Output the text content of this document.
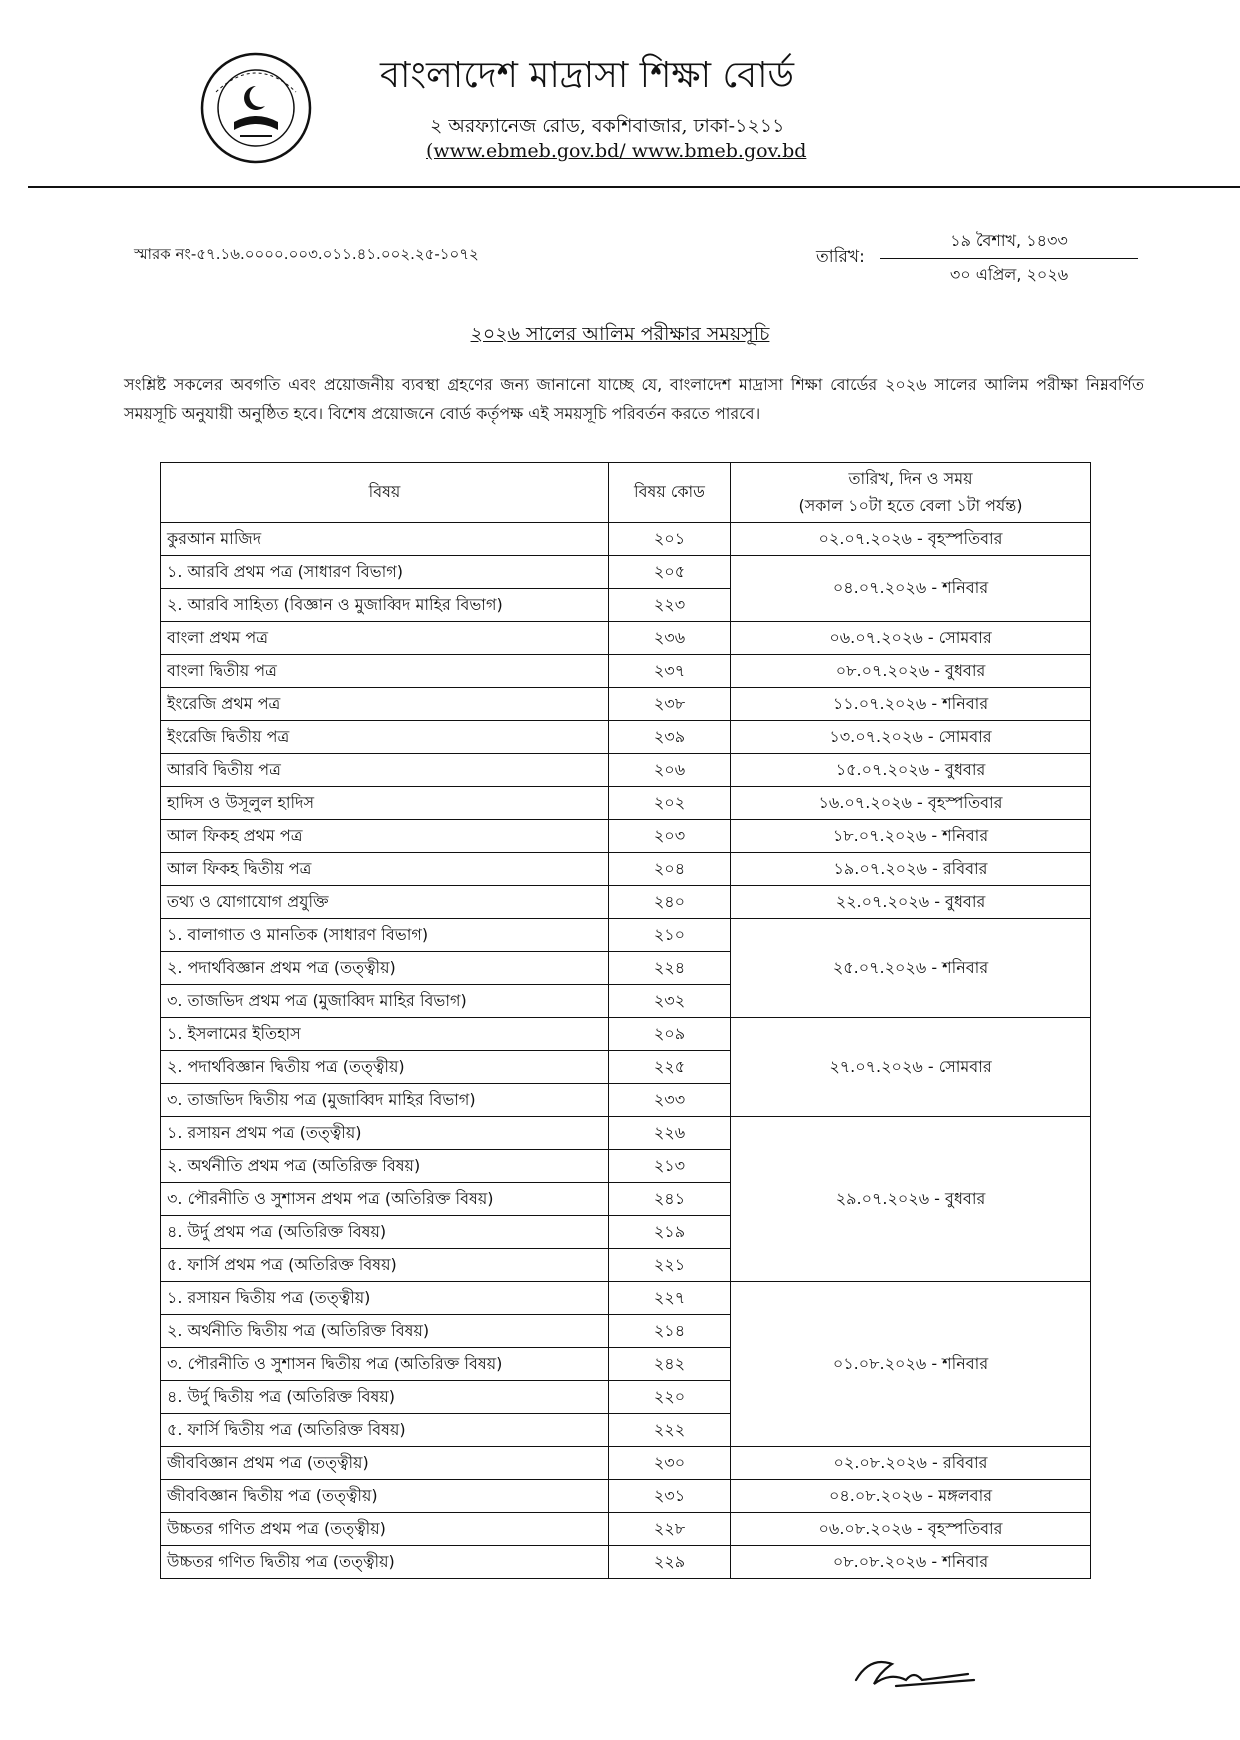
বাংলাদেশ মাদ্রাসা শিক্ষা বোর্ড
২ অরফ্যানেজ রোড, বকশিবাজার, ঢাকা-১২১১
(www.ebmeb.gov.bd/ www.bmeb.gov.bd
স্মারক নং-৫৭.১৬.০০০০.০০৩.০১১.৪১.০০২.২৫-১০৭২	তারিখ:
১৯ বৈশাখ, ১৪৩৩
৩০ এপ্রিল, ২০২৬
২০২৬ সালের আলিম পরীক্ষার সময়সূচি
সংশ্লিষ্ট সকলের অবগতি এবং প্রয়োজনীয় ব্যবস্থা গ্রহণের জন্য জানানো যাচ্ছে যে, বাংলাদেশ মাদ্রাসা শিক্ষা বোর্ডের ২০২৬ সালের আলিম পরীক্ষা নিম্নবর্ণিত সময়সূচি অনুযায়ী অনুষ্ঠিত হবে। বিশেষ প্রয়োজনে বোর্ড কর্তৃপক্ষ এই সময়সূচি পরিবর্তন করতে পারবে।
বিষয়	বিষয় কোড	তারিখ, দিন ও সময়
(সকাল ১০টা হতে বেলা ১টা পর্যন্ত)

কুরআন মাজিদ	২০১	০২.০৭.২০২৬ - বৃহস্পতিবার
১. আরবি প্রথম পত্র (সাধারণ বিভাগ)	২০৫	০৪.০৭.২০২৬ - শনিবার
২. আরবি সাহিত্য (বিজ্ঞান ও মুজাব্বিদ মাহির বিভাগ)	২২৩	
বাংলা প্রথম পত্র	২৩৬	০৬.০৭.২০২৬ - সোমবার
বাংলা দ্বিতীয় পত্র	২৩৭	০৮.০৭.২০২৬ - বুধবার
ইংরেজি প্রথম পত্র	২৩৮	১১.০৭.২০২৬ - শনিবার
ইংরেজি দ্বিতীয় পত্র	২৩৯	১৩.০৭.২০২৬ - সোমবার
আরবি দ্বিতীয় পত্র	২০৬	১৫.০৭.২০২৬ - বুধবার
হাদিস ও উসূলুল হাদিস	২০২	১৬.০৭.২০২৬ - বৃহস্পতিবার
আল ফিকহ প্রথম পত্র	২০৩	১৮.০৭.২০২৬ - শনিবার
আল ফিকহ দ্বিতীয় পত্র	২০৪	১৯.০৭.২০২৬ - রবিবার
তথ্য ও যোগাযোগ প্রযুক্তি	২৪০	২২.০৭.২০২৬ - বুধবার
১. বালাগাত ও মানতিক (সাধারণ বিভাগ)	২১০	২৫.০৭.২০২৬ - শনিবার
২. পদার্থবিজ্ঞান প্রথম পত্র (তত্ত্বীয়)	২২৪	
৩. তাজভিদ প্রথম পত্র (মুজাব্বিদ মাহির বিভাগ)	২৩২	
১. ইসলামের ইতিহাস	২০৯	২৭.০৭.২০২৬ - সোমবার
২. পদার্থবিজ্ঞান দ্বিতীয় পত্র (তত্ত্বীয়)	২২৫	
৩. তাজভিদ দ্বিতীয় পত্র (মুজাব্বিদ মাহির বিভাগ)	২৩৩	
১. রসায়ন প্রথম পত্র (তত্ত্বীয়)	২২৬	২৯.০৭.২০২৬ - বুধবার
২. অর্থনীতি প্রথম পত্র (অতিরিক্ত বিষয়)	২১৩	
৩. পৌরনীতি ও সুশাসন প্রথম পত্র (অতিরিক্ত বিষয়)	২৪১	
৪. উর্দু প্রথম পত্র (অতিরিক্ত বিষয়)	২১৯	
৫. ফার্সি প্রথম পত্র (অতিরিক্ত বিষয়)	২২১	
১. রসায়ন দ্বিতীয় পত্র (তত্ত্বীয়)	২২৭	০১.০৮.২০২৬ - শনিবার
২. অর্থনীতি দ্বিতীয় পত্র (অতিরিক্ত বিষয়)	২১৪	
৩. পৌরনীতি ও সুশাসন দ্বিতীয় পত্র (অতিরিক্ত বিষয়)	২৪২	
৪. উর্দু দ্বিতীয় পত্র (অতিরিক্ত বিষয়)	২২০	
৫. ফার্সি দ্বিতীয় পত্র (অতিরিক্ত বিষয়)	২২২	
জীববিজ্ঞান প্রথম পত্র (তত্ত্বীয়)	২৩০	০২.০৮.২০২৬ - রবিবার
জীববিজ্ঞান দ্বিতীয় পত্র (তত্ত্বীয়)	২৩১	০৪.০৮.২০২৬ - মঙ্গলবার
উচ্চতর গণিত প্রথম পত্র (তত্ত্বীয়)	২২৮	০৬.০৮.২০২৬ - বৃহস্পতিবার
উচ্চতর গণিত দ্বিতীয় পত্র (তত্ত্বীয়)	২২৯	০৮.০৮.২০২৬ - শনিবার
